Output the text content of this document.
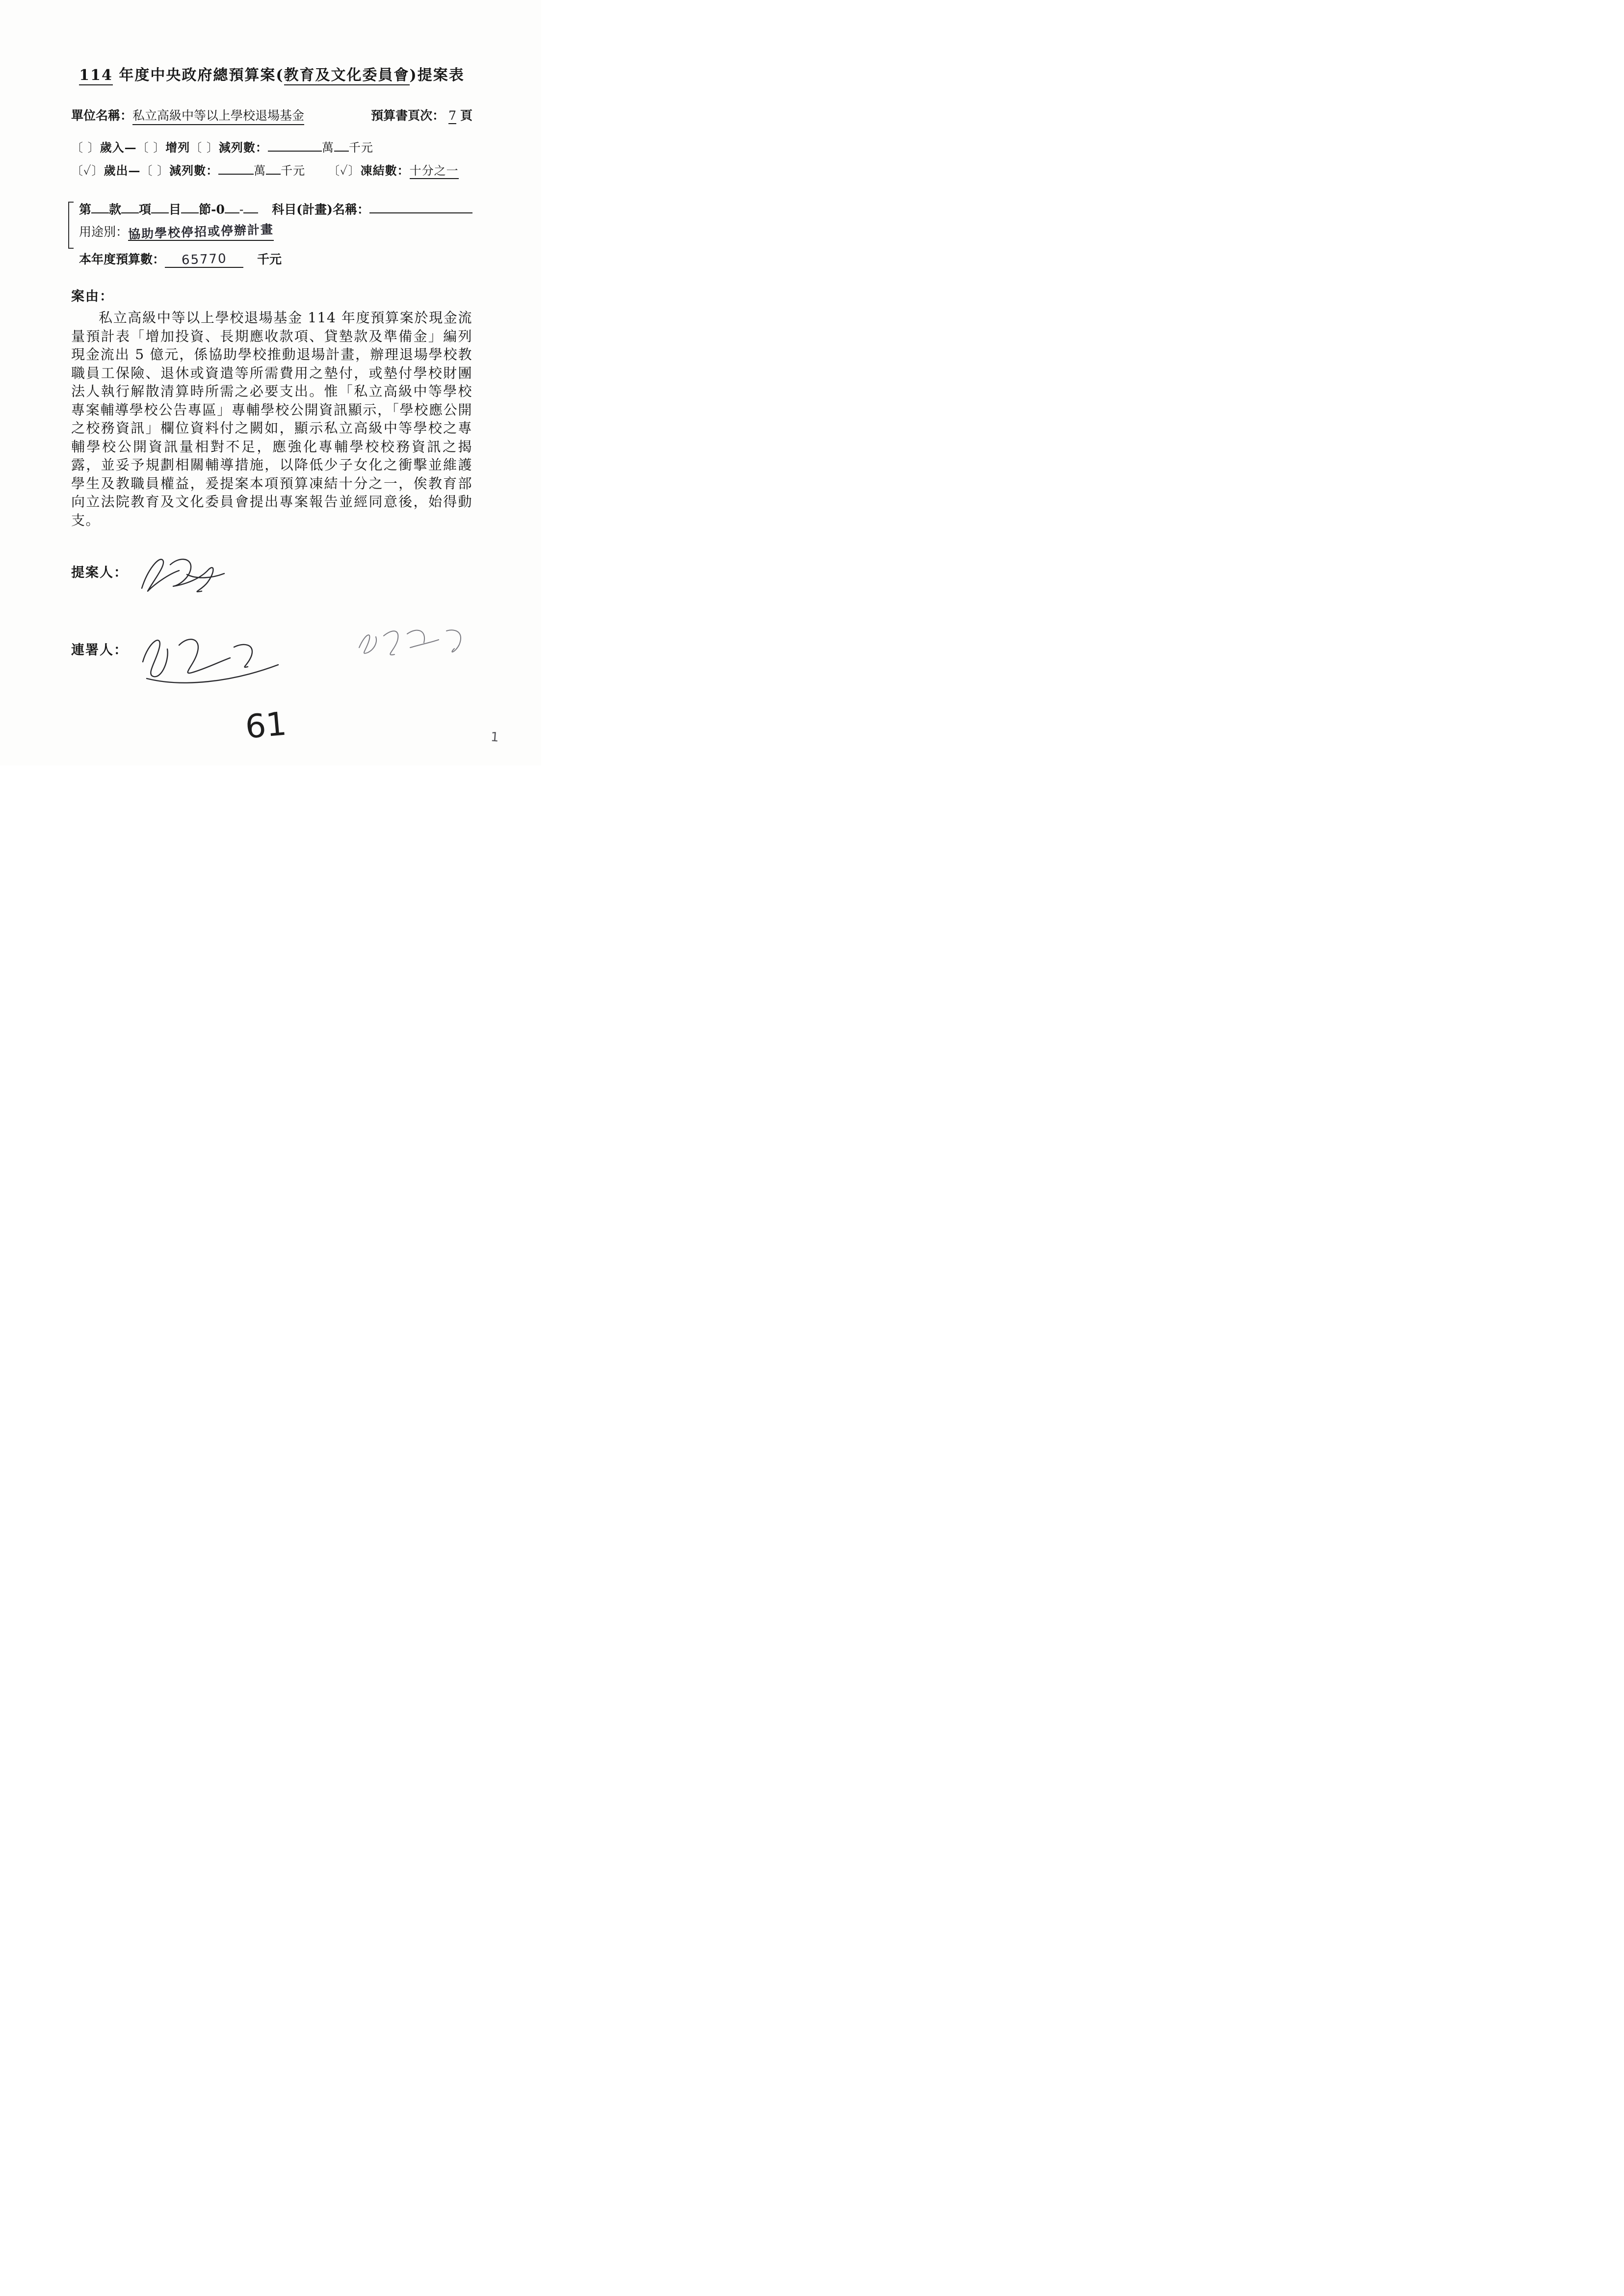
114 年度中央政府總預算案(教育及文化委員會)提案表
單位名稱： 私立高級中等以上學校退場基金	預算書頁次： 7 頁
〔 〕歲入—〔 〕增列〔 〕減列數：	萬 千元
〔✓〕歲出—〔 〕減列數：	萬 千元 〔✓〕凍結數：十分之一
第 款 項 目 節-0 - 科目(計畫)名稱：
用途別：協助學校停招或停辦計畫
本年度預算數： 65770 千元
案由：
私立高級中等以上學校退場基金 114 年度預算案於現金流量預計表「增加投資、長期應收款項、貸墊款及準備金」編列現金流出 5 億元，係協助學校推動退場計畫，辦理退場學校教職員工保險、退休或資遣等所需費用之墊付，或墊付學校財團法人執行解散清算時所需之必要支出。惟「私立高級中等學校專案輔導學校公告專區」專輔學校公開資訊顯示，「學校應公開之校務資訊」欄位資料付之闕如，顯示私立高級中等學校之專輔學校公開資訊量相對不足，應強化專輔學校校務資訊之揭露，並妥予規劃相關輔導措施，以降低少子女化之衝擊並維護學生及教職員權益，爰提案本項預算凍結十分之一，俟教育部向立法院教育及文化委員會提出專案報告並經同意後，始得動支。
提案人：
連署人：
61	1
